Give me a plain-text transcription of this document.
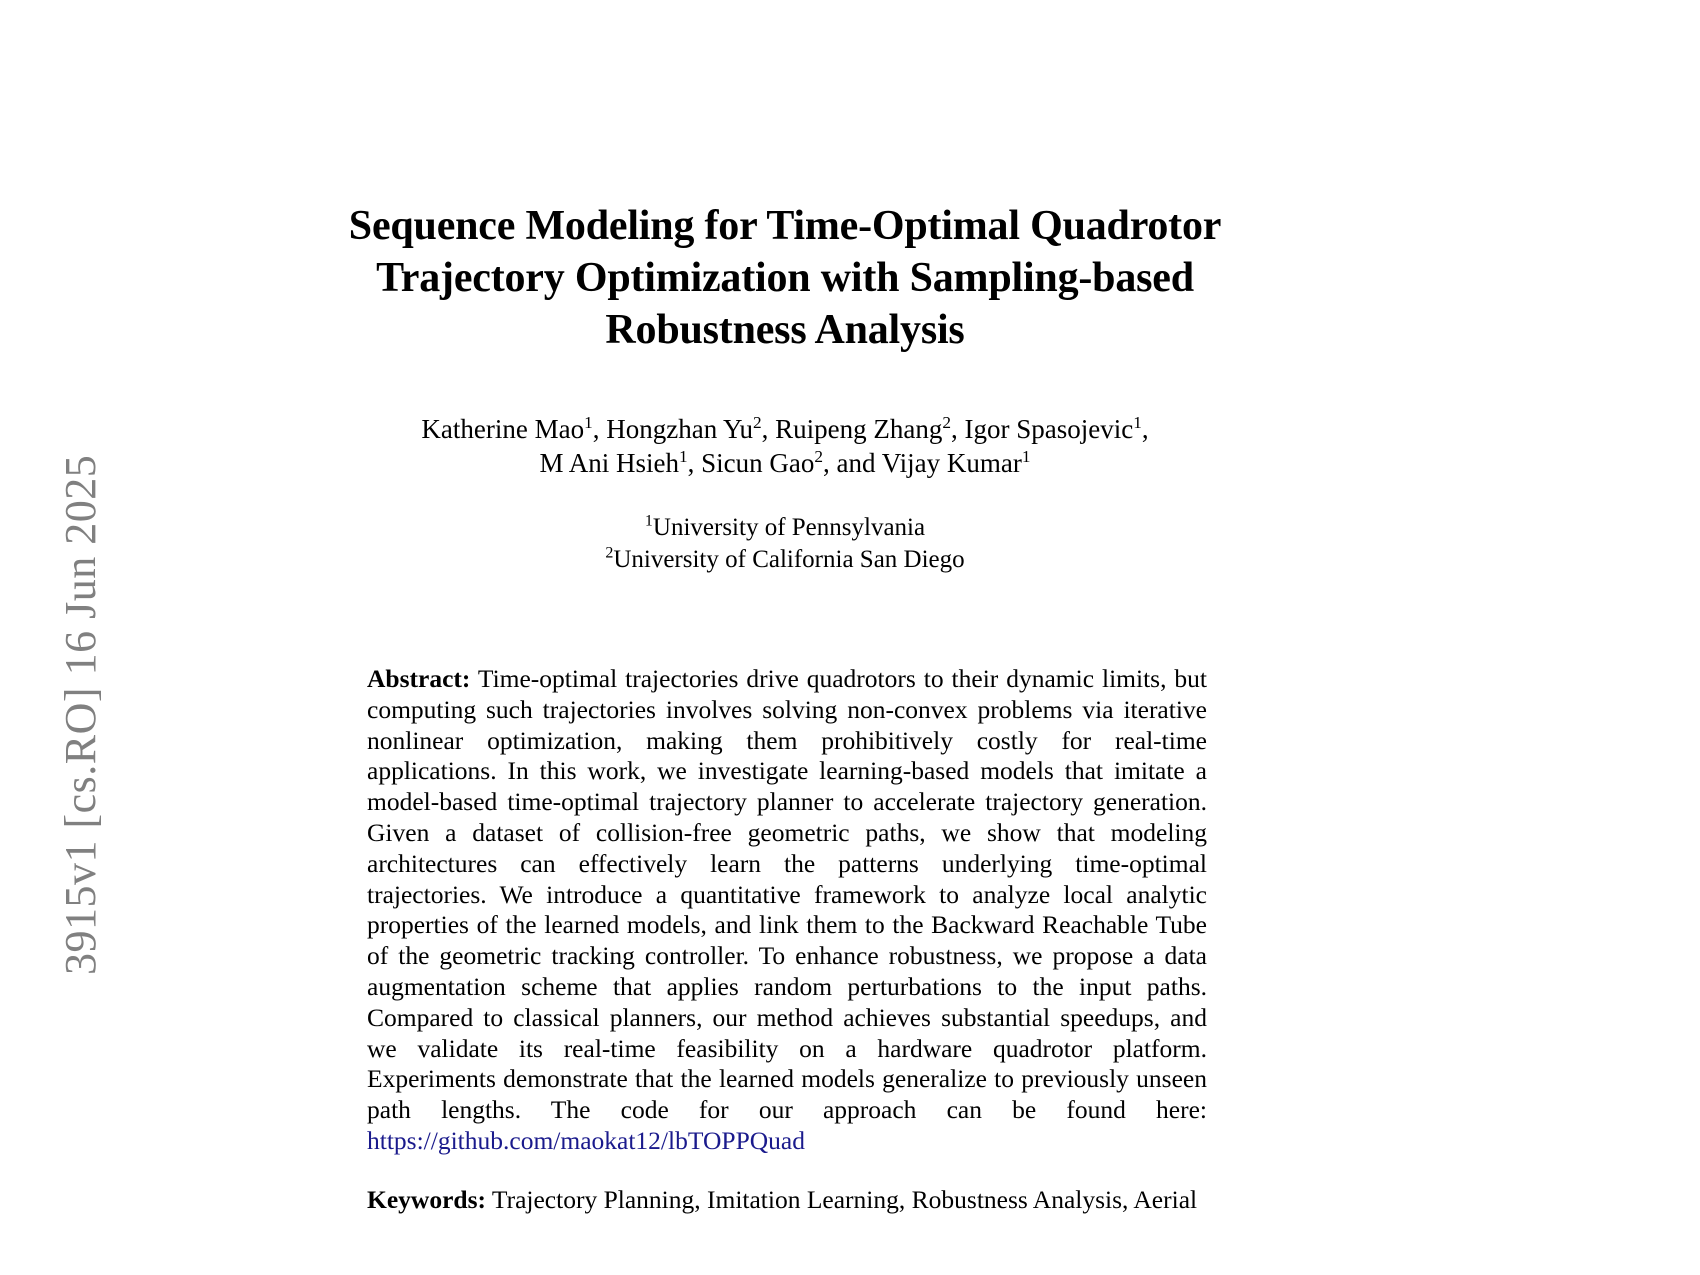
3915v1 [cs.RO] 16 Jun 2025
Sequence Modeling for Time-Optimal Quadrotor Trajectory Optimization with Sampling-based Robustness Analysis
Katherine Mao$^1$, Hongzhan Yu$^2$, Ruipeng Zhang$^2$, Igor Spasojevic$^1$,
M Ani Hsieh$^1$, Sicun Gao$^2$, and Vijay Kumar$^1$
$^1$University of Pennsylvania
$^2$University of California San Diego

Abstract: Time-optimal trajectories drive quadrotors to their dynamic limits, but computing such trajectories involves solving non-convex problems via iterative nonlinear optimization, making them prohibitively costly for real-time applications. In this work, we investigate learning-based models that imitate a model-based time-optimal trajectory planner to accelerate trajectory generation. Given a dataset of collision-free geometric paths, we show that modeling architectures can effectively learn the patterns underlying time-optimal trajectories. We introduce a quantitative framework to analyze local analytic properties of the learned models, and link them to the Backward Reachable Tube of the geometric tracking controller. To enhance robustness, we propose a data augmentation scheme that applies random perturbations to the input paths. Compared to classical planners, our method achieves substantial speedups, and we validate its real-time feasibility on a hardware quadrotor platform. Experiments demonstrate that the learned models generalize to previously unseen path lengths. The code for our approach can be found here: https://github.com/maokat12/lbTOPPQuad

Keywords: Trajectory Planning, Imitation Learning, Robustness Analysis, Aerial
